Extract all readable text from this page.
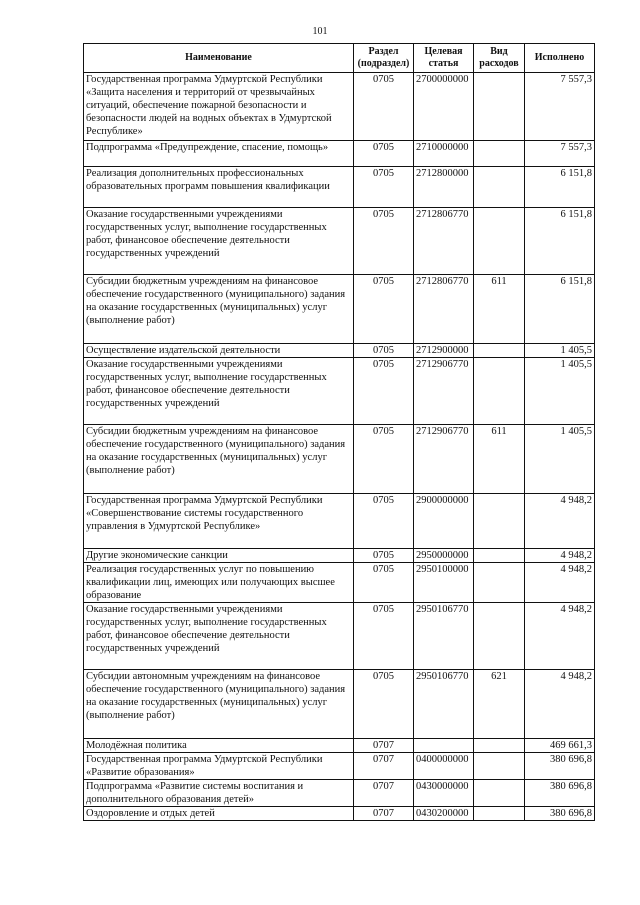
101
Наименование	Раздел (подраздел)	Целевая статья	Вид расходов	Исполнено
Государственная программа Удмуртской Республики «Защита населения и территорий от чрезвычайных ситуаций, обеспечение пожарной безопасности и безопасности людей на водных объектах в Удмуртской Республике»	0705	2700000000		7 557,3
Подпрограмма «Предупреждение, спасение, помощь»	0705	2710000000		7 557,3
Реализация дополнительных профессиональных образовательных программ повышения квалификации	0705	2712800000		6 151,8
Оказание государственными учреждениями государственных услуг, выполнение государственных работ, финансовое обеспечение деятельности государственных учреждений	0705	2712806770		6 151,8
Субсидии бюджетным учреждениям на финансовое обеспечение государственного (муниципального) задания на оказание государственных (муниципальных) услуг (выполнение работ)	0705	2712806770	611	6 151,8
Осуществление издательской деятельности	0705	2712900000		1 405,5
Оказание государственными учреждениями государственных услуг, выполнение государственных работ, финансовое обеспечение деятельности государственных учреждений	0705	2712906770		1 405,5
Субсидии бюджетным учреждениям на финансовое обеспечение государственного (муниципального) задания на оказание государственных (муниципальных) услуг (выполнение работ)	0705	2712906770	611	1 405,5
Государственная программа Удмуртской Республики «Совершенствование системы государственного управления в Удмуртской Республике»	0705	2900000000		4 948,2
Другие экономические санкции	0705	2950000000		4 948,2
Реализация государственных услуг по повышению квалификации лиц, имеющих или получающих высшее образование	0705	2950100000		4 948,2
Оказание государственными учреждениями государственных услуг, выполнение государственных работ, финансовое обеспечение деятельности государственных учреждений	0705	2950106770		4 948,2
Субсидии автономным учреждениям на финансовое обеспечение государственного (муниципального) задания на оказание государственных (муниципальных) услуг (выполнение работ)	0705	2950106770	621	4 948,2
Молодёжная политика	0707			469 661,3
Государственная программа Удмуртской Республики «Развитие образования»	0707	0400000000		380 696,8
Подпрограмма «Развитие системы воспитания и дополнительного образования детей»	0707	0430000000		380 696,8
Оздоровление и отдых детей	0707	0430200000		380 696,8
